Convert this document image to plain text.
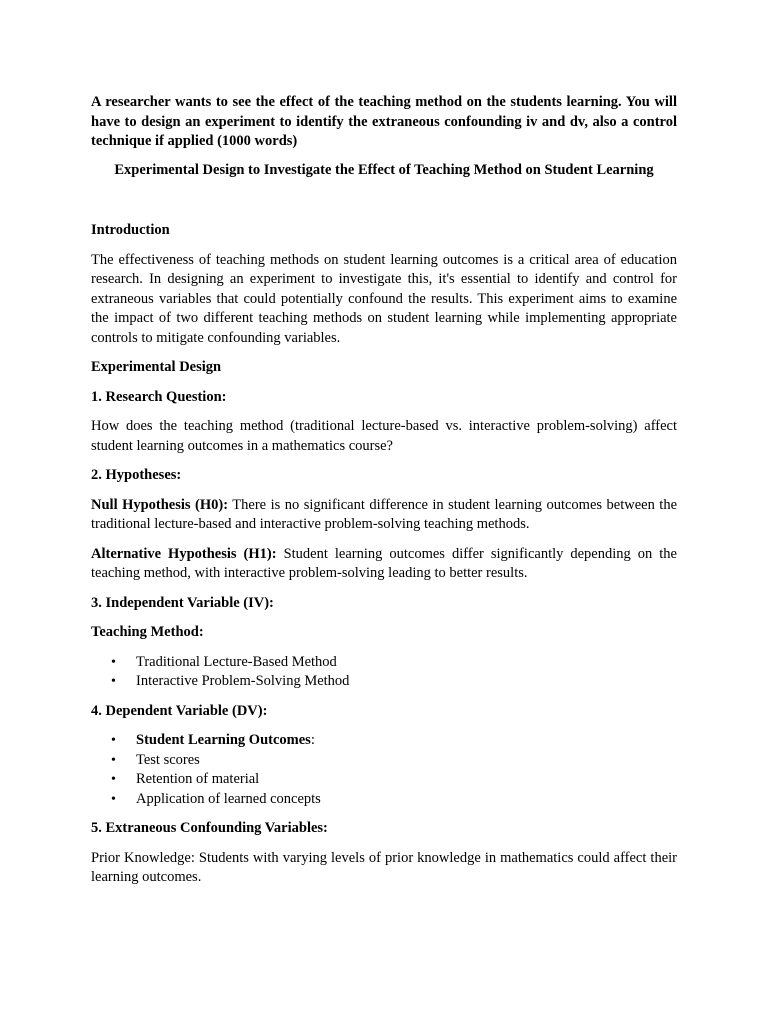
A researcher wants to see the effect of the teaching method on the students learning. You will have to design an experiment to identify the extraneous confounding iv and dv, also a control technique if applied (1000 words)

Experimental Design to Investigate the Effect of Teaching Method on Student Learning

Introduction

The effectiveness of teaching methods on student learning outcomes is a critical area of education research. In designing an experiment to investigate this, it's essential to identify and control for extraneous variables that could potentially confound the results. This experiment aims to examine the impact of two different teaching methods on student learning while implementing appropriate controls to mitigate confounding variables.

Experimental Design

1. Research Question:

How does the teaching method (traditional lecture-based vs. interactive problem-solving) affect student learning outcomes in a mathematics course?

2. Hypotheses:

Null Hypothesis (H0): There is no significant difference in student learning outcomes between the traditional lecture-based and interactive problem-solving teaching methods.

Alternative Hypothesis (H1): Student learning outcomes differ significantly depending on the teaching method, with interactive problem-solving leading to better results.

3. Independent Variable (IV):

Teaching Method:

• Traditional Lecture-Based Method
• Interactive Problem-Solving Method

4. Dependent Variable (DV):

• Student Learning Outcomes:
• Test scores
• Retention of material
• Application of learned concepts

5. Extraneous Confounding Variables:

Prior Knowledge: Students with varying levels of prior knowledge in mathematics could affect their learning outcomes.
